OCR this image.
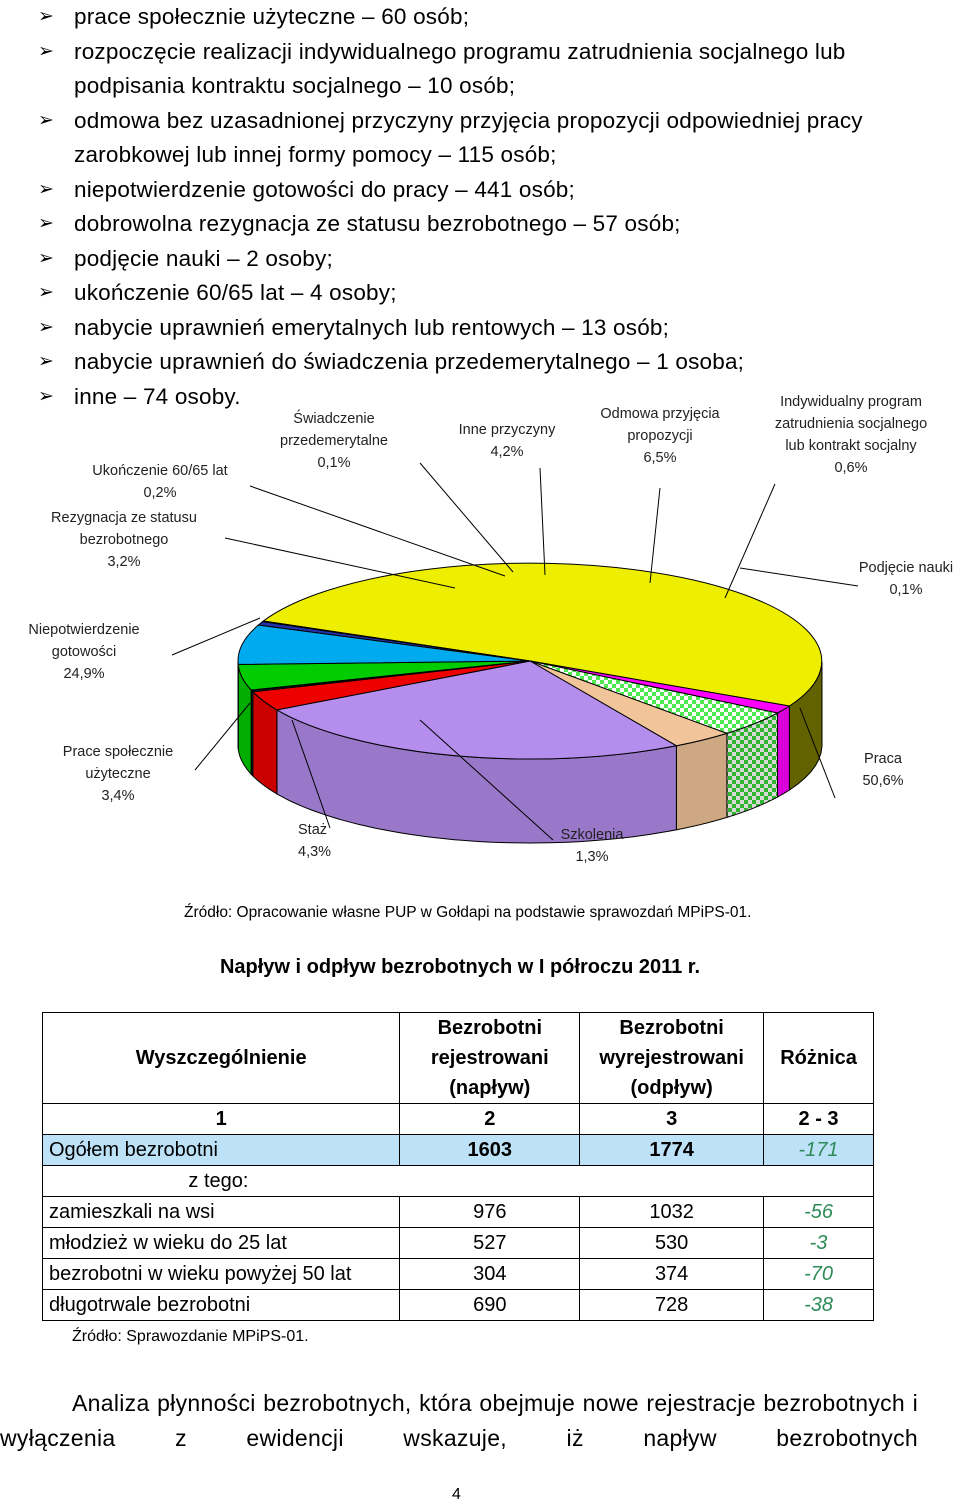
➢ prace społecznie użyteczne – 60 osób;
➢ rozpoczęcie realizacji indywidualnego programu zatrudnienia socjalnego lub podpisania kontraktu socjalnego – 10 osób;
➢ odmowa bez uzasadnionej przyczyny przyjęcia propozycji odpowiedniej pracy zarobkowej lub innej formy pomocy – 115 osób;
➢ niepotwierdzenie gotowości do pracy – 441 osób;
➢ dobrowolna rezygnacja ze statusu bezrobotnego – 57 osób;
➢ podjęcie nauki – 2 osoby;
➢ ukończenie 60/65 lat – 4 osoby;
➢ nabycie uprawnień emerytalnych lub rentowych – 13 osób;
➢ nabycie uprawnień do świadczenia przedemerytalnego – 1 osoba;
➢ inne – 74 osoby.
Praca
50,6%
Szkolenia
1,3%
Staż
4,3%
Prace społecznie
użyteczne
3,4%
Niepotwierdzenie
gotowości
24,9%
Rezygnacja ze statusu
bezrobotnego
3,2%
Ukończenie 60/65 lat
0,2%
Świadczenie
przedemerytalne
0,1%
Inne przyczyny
4,2%
Odmowa przyjęcia
propozycji
6,5%
Indywidualny program
zatrudnienia socjalnego
lub kontrakt socjalny
0,6%
Podjęcie nauki
0,1%
Źródło: Opracowanie własne PUP w Gołdapi na podstawie sprawozdań MPiPS-01.
Napływ i odpływ bezrobotnych w I półroczu 2011 r.
Wyszczególnienie	Bezrobotni
rejestrowani
(napływ)	Bezrobotni
wyrejestrowani
(odpływ)	Różnica
1	2	3	2 - 3
Ogółem bezrobotni	1603	1774	-171
z tego:			
zamieszkali na wsi	976	1032	-56
młodzież w wieku do 25 lat	527	530	-3
bezrobotni w wieku powyżej 50 lat	304	374	-70
długotrwale bezrobotni	690	728	-38
Źródło: Sprawozdanie MPiPS-01.
Analiza płynności bezrobotnych, która obejmuje nowe rejestracje bezrobotnych i wyłączenia z ewidencji wskazuje, iż napływ bezrobotnych
4
